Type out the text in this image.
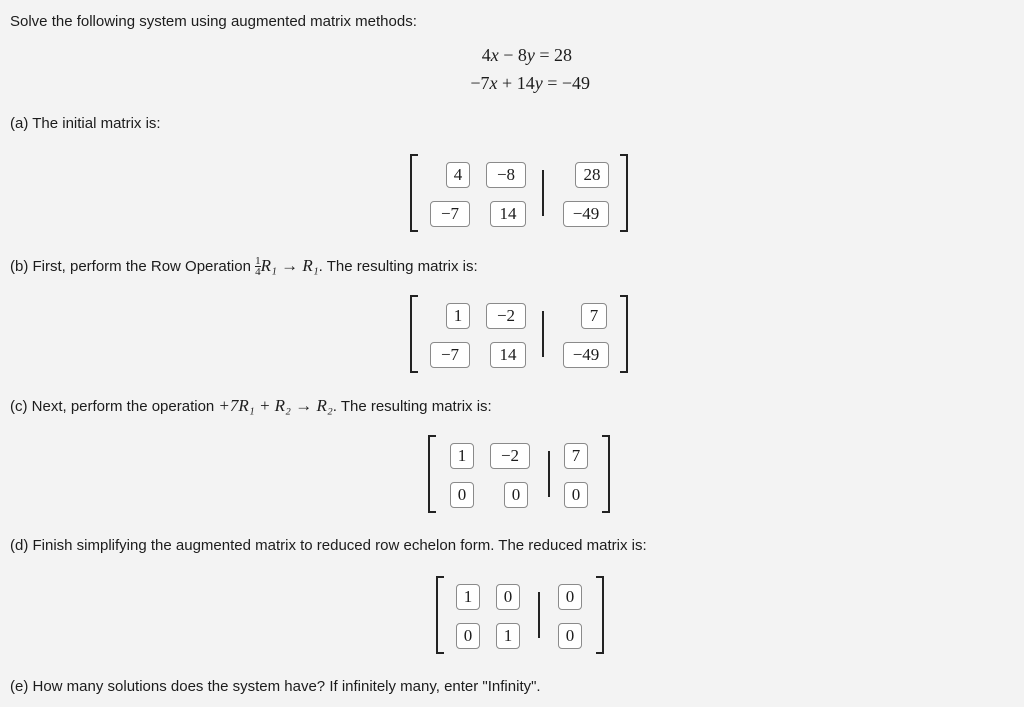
Solve the following system using augmented matrix methods:
4x − 8y = 28
−7x + 14y = −49
(a) The initial matrix is:
4	−8	28
−7	14	−49
(b) First, perform the Row Operation $\frac{1}{4} R_1 \to R_1$. The resulting matrix is:
1	−2	7
−7	14	−49
(c) Next, perform the operation +7R₁ + R₂ → R₂. The resulting matrix is:
1	−2	7
0	0	0
(d) Finish simplifying the augmented matrix to reduced row echelon form. The reduced matrix is:
1	0	0
0	1	0
(e) How many solutions does the system have? If infinitely many, enter "Infinity".
